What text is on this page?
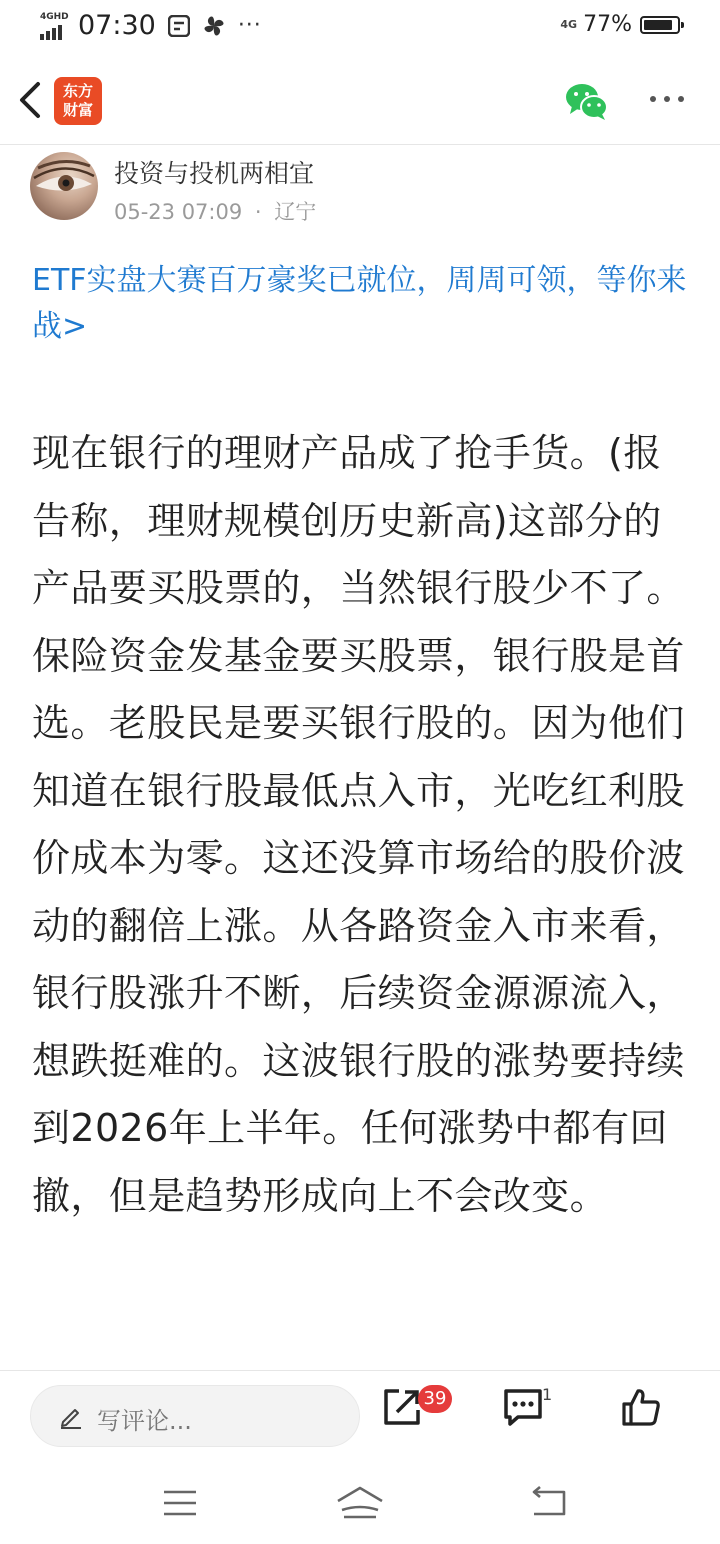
4GHD 07:30	···	4G 77%
东方
财富
投资与投机两相宜
05-23 07:09 · 辽宁
ETF实盘大赛百万豪奖已就位，周周可领，等你来战>
现在银行的理财产品成了抢手货。(报告称，理财规模创历史新高)这部分的产品要买股票的，当然银行股少不了。保险资金发基金要买股票，银行股是首选。老股民是要买银行股的。因为他们知道在银行股最低点入市，光吃红利股价成本为零。这还没算市场给的股价波动的翻倍上涨。从各路资金入市来看，银行股涨升不断，后续资金源源流入，想跌挺难的。这波银行股的涨势要持续到2026年上半年。任何涨势中都有回撤，但是趋势形成向上不会改变。
写评论...
39	1
